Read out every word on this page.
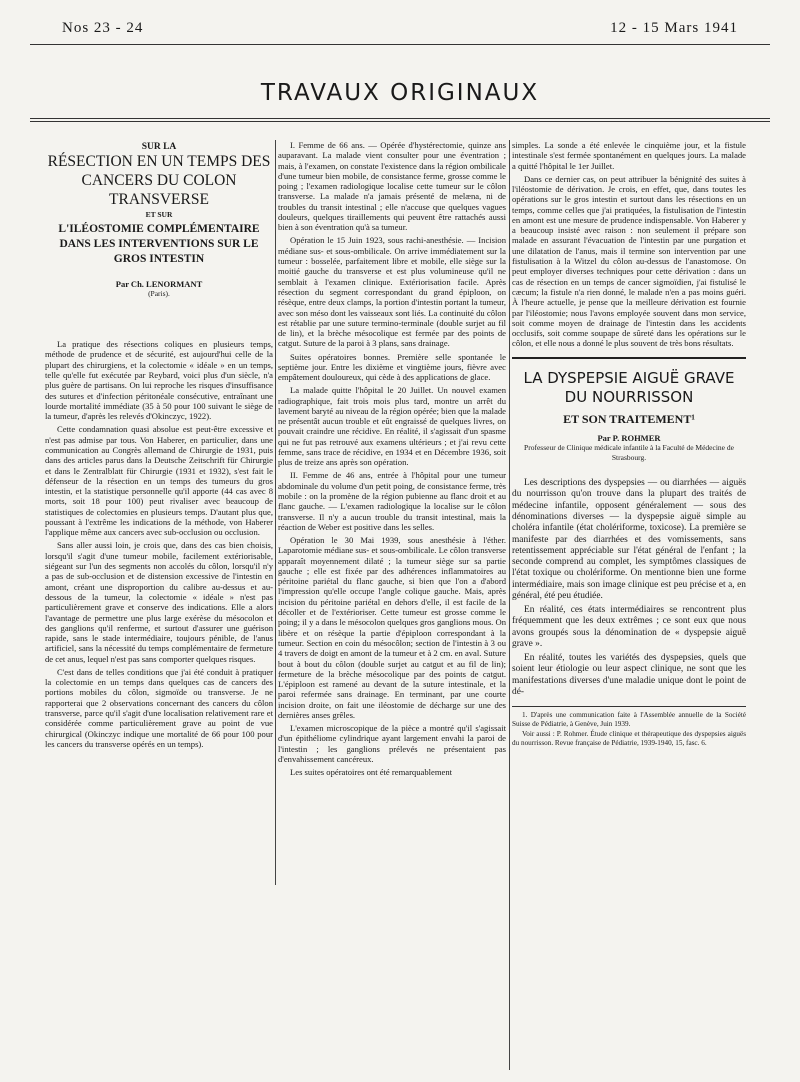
Nos 23 - 24	12 - 15 Mars 1941
TRAVAUX ORIGINAUX
SUR LA
RÉSECTION EN UN TEMPS DES CANCERS DU COLON TRANSVERSE
ET SUR
L'ILÉOSTOMIE COMPLÉMENTAIRE DANS LES INTERVENTIONS SUR LE GROS INTESTIN
Par Ch. LENORMANT
(Paris).

La pratique des résections coliques en plusieurs temps, méthode de prudence et de sécurité, est aujourd'hui celle de la plupart des chirurgiens, et la colectomie « idéale » en un temps, telle qu'elle fut exécutée par Reybard, voici plus d'un siècle, n'a plus guère de partisans. On lui reproche les risques d'insuffisance des sutures et d'infection péritonéale consécutive, entraînant une lourde mortalité immédiate (35 à 50 pour 100 suivant le siège de la tumeur, d'après les relevés d'Okinczyc, 1922).

Cette condamnation quasi absolue est peut-être excessive et n'est pas admise par tous. Von Haberer, en particulier, dans une communication au Congrès allemand de Chirurgie de 1931, puis dans des articles parus dans la Deutsche Zeitschrift für Chirurgie et dans le Zentralblatt für Chirurgie (1931 et 1932), s'est fait le défenseur de la résection en un temps des tumeurs du gros intestin, et la statistique personnelle qu'il apporte (44 cas avec 8 morts, soit 18 pour 100) peut rivaliser avec beaucoup de statistiques de colectomies en plusieurs temps. D'autant plus que, poussant à l'extrême les indications de la méthode, von Haberer l'applique même aux cancers avec sub-occlusion ou occlusion.

Sans aller aussi loin, je crois que, dans des cas bien choisis, lorsqu'il s'agit d'une tumeur mobile, facilement extériorisable, siégeant sur l'un des segments non accolés du côlon, lorsqu'il n'y a pas de sub-occlusion et de distension excessive de l'intestin en amont, créant une disproportion du calibre au-dessus et au-dessous de la tumeur, la colectomie « idéale » n'est pas particulièrement grave et conserve des indications. Elle a alors l'avantage de permettre une plus large exérèse du mésocolon et des ganglions qu'il renferme, et surtout d'assurer une guérison rapide, sans le stade intermédiaire, toujours pénible, de l'anus artificiel, sans la nécessité du temps complémentaire de fermeture de cet anus, lequel n'est pas sans comporter quelques risques.

C'est dans de telles conditions que j'ai été conduit à pratiquer la colectomie en un temps dans quelques cas de cancers des portions mobiles du côlon, sigmoïde ou transverse. Je ne rapporterai que 2 observations concernant des cancers du côlon transverse, parce qu'il s'agit d'une localisation relativement rare et considérée comme particulièrement grave au point de vue chirurgical (Okinczyc indique une mortalité de 66 pour 100 pour les cancers du transverse opérés en un temps).

I. Femme de 66 ans. — Opérée d'hystérectomie, quinze ans auparavant. La malade vient consulter pour une éventration ; mais, à l'examen, on constate l'existence dans la région ombilicale d'une tumeur bien mobile, de consistance ferme, grosse comme le poing ; l'examen radiologique localise cette tumeur sur le côlon transverse. La malade n'a jamais présenté de melæna, ni de troubles du transit intestinal ; elle n'accuse que quelques vagues douleurs, quelques tiraillements qui peuvent être rattachés aussi bien à son éventration qu'à sa tumeur.

Opération le 15 Juin 1923, sous rachi-anesthésie. — Incision médiane sus- et sous-ombilicale. On arrive immédiatement sur la tumeur : bosselée, parfaitement libre et mobile, elle siège sur la moitié gauche du transverse et est plus volumineuse qu'il ne semblait à l'examen clinique. Extériorisation facile. Après résection du segment correspondant du grand épiploon, on résèque, entre deux clamps, la portion d'intestin portant la tumeur, avec son méso dont les vaisseaux sont liés. La continuité du côlon est rétablie par une suture termino-terminale (double surjet au fil de lin), et la brèche mésocolique est fermée par des points de catgut. Suture de la paroi à 3 plans, sans drainage.

Suites opératoires bonnes. Première selle spontanée le septième jour. Entre les dixième et vingtième jours, fièvre avec empâtement douloureux, qui cède à des applications de glace.

La malade quitte l'hôpital le 20 Juillet. Un nouvel examen radiographique, fait trois mois plus tard, montre un arrêt du lavement baryté au niveau de la région opérée; bien que la malade ne présentât aucun trouble et eût engraissé de quelques livres, on pouvait craindre une récidive. En réalité, il s'agissait d'un spasme qui ne fut pas retrouvé aux examens ultérieurs ; et j'ai revu cette femme, sans trace de récidive, en 1934 et en Décembre 1936, soit plus de treize ans après son opération.

II. Femme de 46 ans, entrée à l'hôpital pour une tumeur abdominale du volume d'un petit poing, de consistance ferme, très mobile : on la promène de la région pubienne au flanc droit et au flanc gauche. — L'examen radiologique la localise sur le côlon transverse. Il n'y a aucun trouble du transit intestinal, mais la réaction de Weber est positive dans les selles.

Opération le 30 Mai 1939, sous anesthésie à l'éther. Laparotomie médiane sus- et sous-ombilicale. Le côlon transverse apparaît moyennement dilaté ; la tumeur siège sur sa partie gauche ; elle est fixée par des adhérences inflammatoires au péritoine pariétal du flanc gauche, si bien que l'on a d'abord l'impression qu'elle occupe l'angle colique gauche. Mais, après incision du péritoine pariétal en dehors d'elle, il est facile de la décoller et de l'extérioriser. Cette tumeur est grosse comme le poing; il y a dans le mésocolon quelques gros ganglions mous. On libère et on résèque la partie d'épiploon correspondant à la tumeur. Section en coin du mésocôlon; section de l'intestin à 3 ou 4 travers de doigt en amont de la tumeur et à 2 cm. en aval. Suture bout à bout du côlon (double surjet au catgut et au fil de lin); fermeture de la brèche mésocolique par des points de catgut. L'épiploon est ramené au devant de la suture intestinale, et la paroi refermée sans drainage. En terminant, par une courte incision droite, on fait une iléostomie de décharge sur une des dernières anses grêles.

L'examen microscopique de la pièce a montré qu'il s'agissait d'un épithéliome cylindrique ayant largement envahi la paroi de l'intestin ; les ganglions prélevés ne présentaient pas d'envahissement cancéreux.

Les suites opératoires ont été remarquablement

simples. La sonde a été enlevée le cinquième jour, et la fistule intestinale s'est fermée spontanément en quelques jours. La malade a quitté l'hôpital le 1er Juillet.

Dans ce dernier cas, on peut attribuer la bénignité des suites à l'iléostomie de dérivation. Je crois, en effet, que, dans toutes les opérations sur le gros intestin et surtout dans les résections en un temps, comme celles que j'ai pratiquées, la fistulisation de l'intestin en amont est une mesure de prudence indispensable. Von Haberer y a beaucoup insisté avec raison : non seulement il prépare son malade en assurant l'évacuation de l'intestin par une purgation et une dilatation de l'anus, mais il termine son intervention par une fistulisation à la Witzel du côlon au-dessus de l'anastomose. On peut employer diverses techniques pour cette dérivation : dans un cas de résection en un temps de cancer sigmoïdien, j'ai fistulisé le cæcum; la fistule n'a rien donné, le malade n'en a pas moins guéri. À l'heure actuelle, je pense que la meilleure dérivation est fournie par l'iléostomie; nous l'avons employée souvent dans mon service, soit comme moyen de drainage de l'intestin dans les accidents occlusifs, soit comme soupape de sûreté dans les opérations sur le côlon, et elle nous a donné le plus souvent de très bons résultats.

LA DYSPEPSIE AIGUË GRAVE DU NOURRISSON
ET SON TRAITEMENT¹
Par P. ROHMER
Professeur de Clinique médicale infantile à la Faculté de Médecine de Strasbourg.

Les descriptions des dyspepsies — ou diarrhées — aiguës du nourrisson qu'on trouve dans la plupart des traités de médecine infantile, opposent généralement — sous des dénominations diverses — la dyspepsie aiguë simple au choléra infantile (état cholériforme, toxicose). La première se manifeste par des diarrhées et des vomissements, sans retentissement appréciable sur l'état général de l'enfant ; la seconde comprend au complet, les symptômes classiques de l'état toxique ou cholériforme. On mentionne bien une forme intermédiaire, mais son image clinique est peu précise et a, en général, été peu étudiée.

En réalité, ces états intermédiaires se rencontrent plus fréquemment que les deux extrêmes ; ce sont eux que nous avons groupés sous la dénomination de « dyspepsie aiguë grave ».

En réalité, toutes les variétés des dyspepsies, quels que soient leur étiologie ou leur aspect clinique, ne sont que les manifestations diverses d'une maladie unique dont le point de dé-

1. D'après une communication faite à l'Assemblée annuelle de la Société Suisse de Pédiatrie, à Genève, Juin 1939.

Voir aussi : P. Rohmer. Étude clinique et thérapeutique des dyspepsies aiguës du nourrisson. Revue française de Pédiatrie, 1939-1940, 15, fasc. 6.
